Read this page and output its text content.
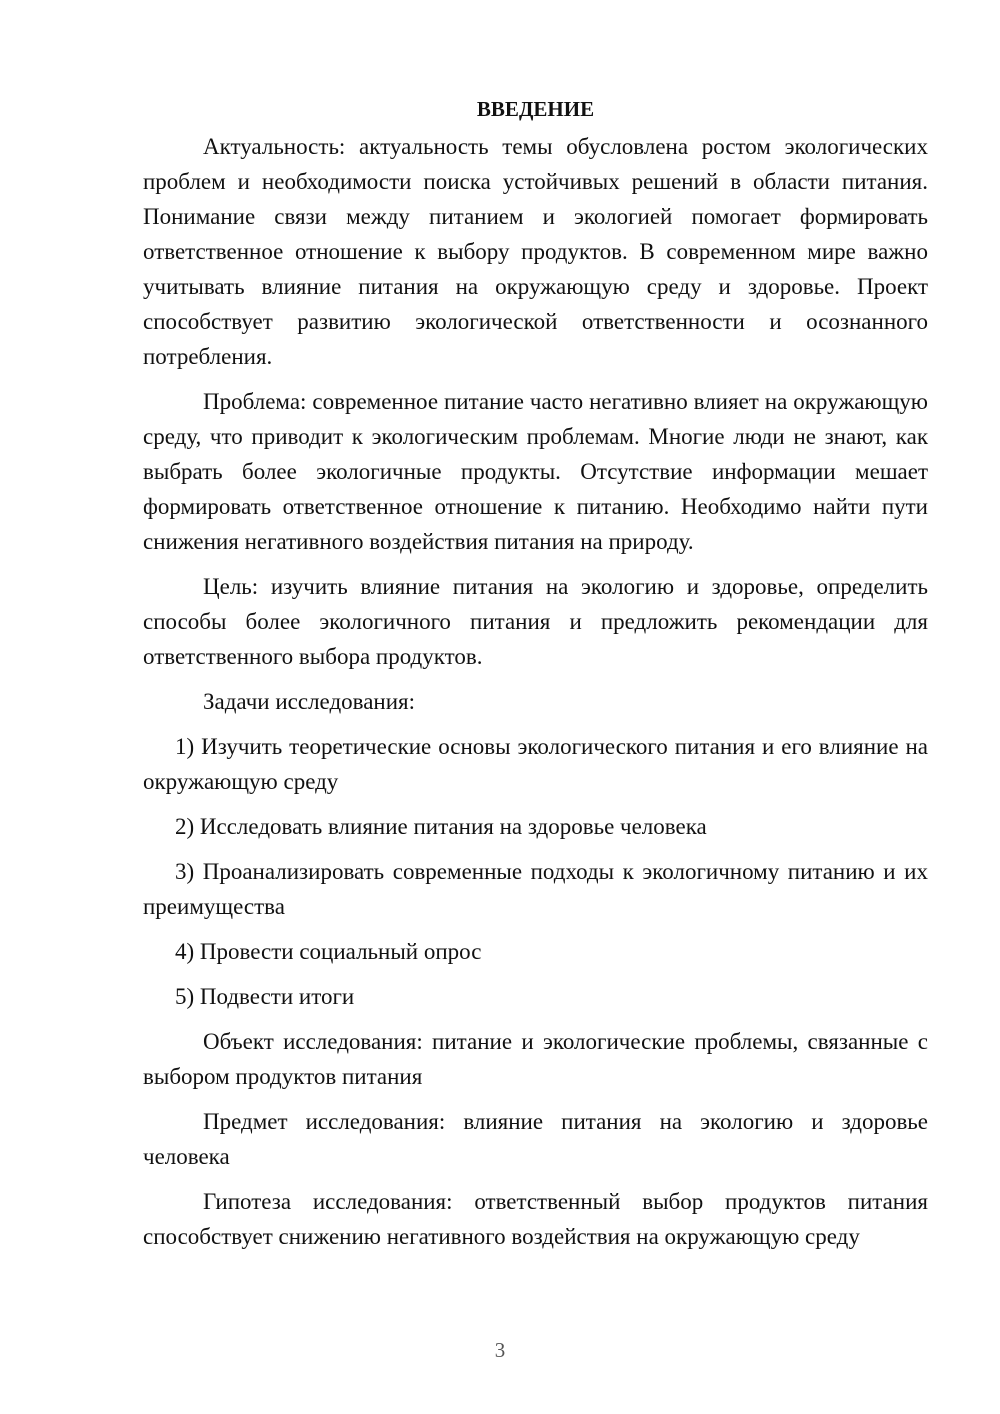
ВВЕДЕНИЕ

Актуальность: актуальность темы обусловлена ростом экологических проблем и необходимости поиска устойчивых решений в области питания. Понимание связи между питанием и экологией помогает формировать ответственное отношение к выбору продуктов. В современном мире важно учитывать влияние питания на окружающую среду и здоровье. Проект способствует развитию экологической ответственности и осознанного потребления.

Проблема: современное питание часто негативно влияет на окружающую среду, что приводит к экологическим проблемам. Многие люди не знают, как выбрать более экологичные продукты. Отсутствие информации мешает формировать ответственное отношение к питанию. Необходимо найти пути снижения негативного воздействия питания на природу.

Цель: изучить влияние питания на экологию и здоровье, определить способы более экологичного питания и предложить рекомендации для ответственного выбора продуктов.

Задачи исследования:

1) Изучить теоретические основы экологического питания и его влияние на окружающую среду

2) Исследовать влияние питания на здоровье человека

3) Проанализировать современные подходы к экологичному питанию и их преимущества

4) Провести социальный опрос

5) Подвести итоги

Объект исследования: питание и экологические проблемы, связанные с выбором продуктов питания

Предмет исследования: влияние питания на экологию и здоровье человека

Гипотеза исследования: ответственный выбор продуктов питания способствует снижению негативного воздействия на окружающую среду

3
